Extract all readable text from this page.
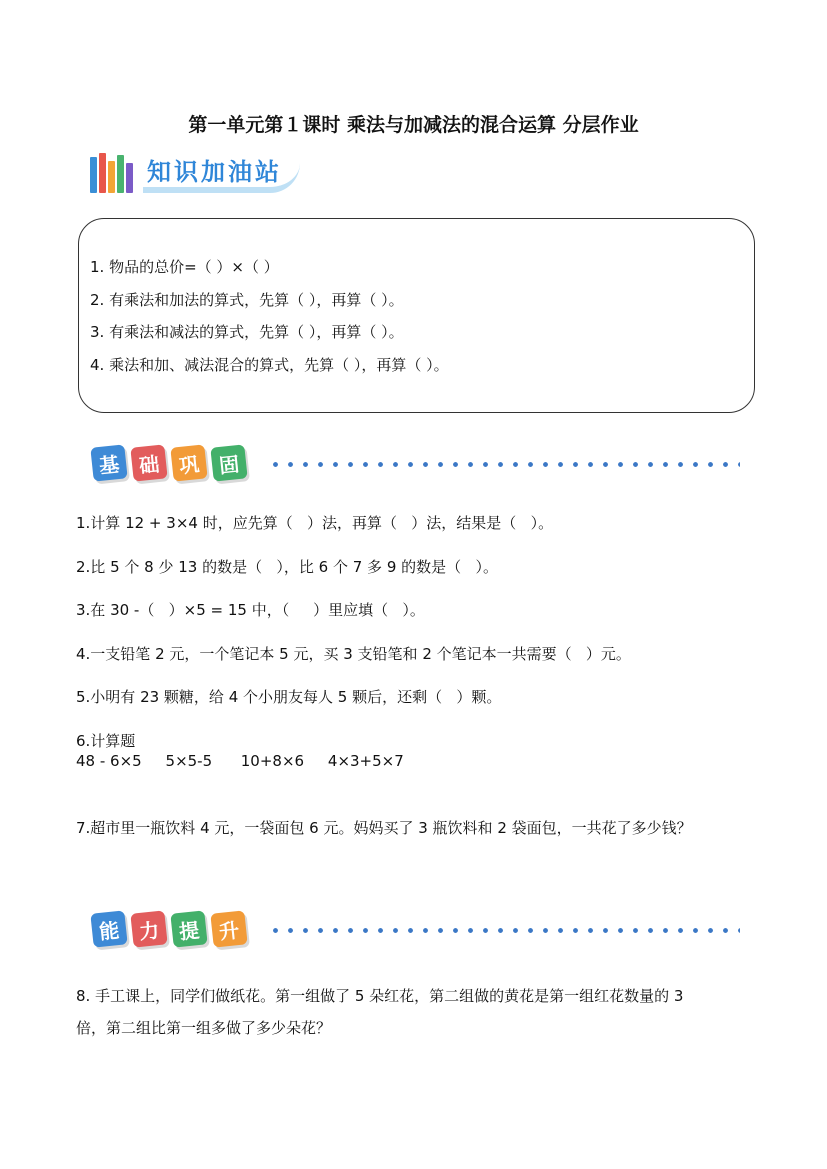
第一单元第１课时 乘法与加减法的混合运算 分层作业
知识加油站
1. 物品的总价=（ ）×（ ）
2. 有乘法和加法的算式，先算（ ），再算（ ）。
3. 有乘法和减法的算式，先算（ ），再算（ ）。
4. 乘法和加、减法混合的算式，先算（ ），再算（ ）。
基 础 巩 固
1.计算 12 + 3×4 时，应先算（   ）法，再算（   ）法，结果是（   ）。
2.比 5 个 8 少 13 的数是（   ），比 6 个 7 多 9 的数是（   ）。
3.在 30 -（   ）×5 = 15 中，（     ）里应填（   ）。
4.一支铅笔 2 元，一个笔记本 5 元，买 3 支铅笔和 2 个笔记本一共需要（   ）元。
5.小明有 23 颗糖，给 4 个小朋友每人 5 颗后，还剩（   ）颗。
6.计算题
48 - 6×5     5×5-5      10+8×6     4×3+5×7
7.超市里一瓶饮料 4 元，一袋面包 6 元。妈妈买了 3 瓶饮料和 2 袋面包，一共花了多少钱？
能 力 提 升
8. 手工课上，同学们做纸花。第一组做了 5 朵红花，第二组做的黄花是第一组红花数量的 3
倍，第二组比第一组多做了多少朵花？
